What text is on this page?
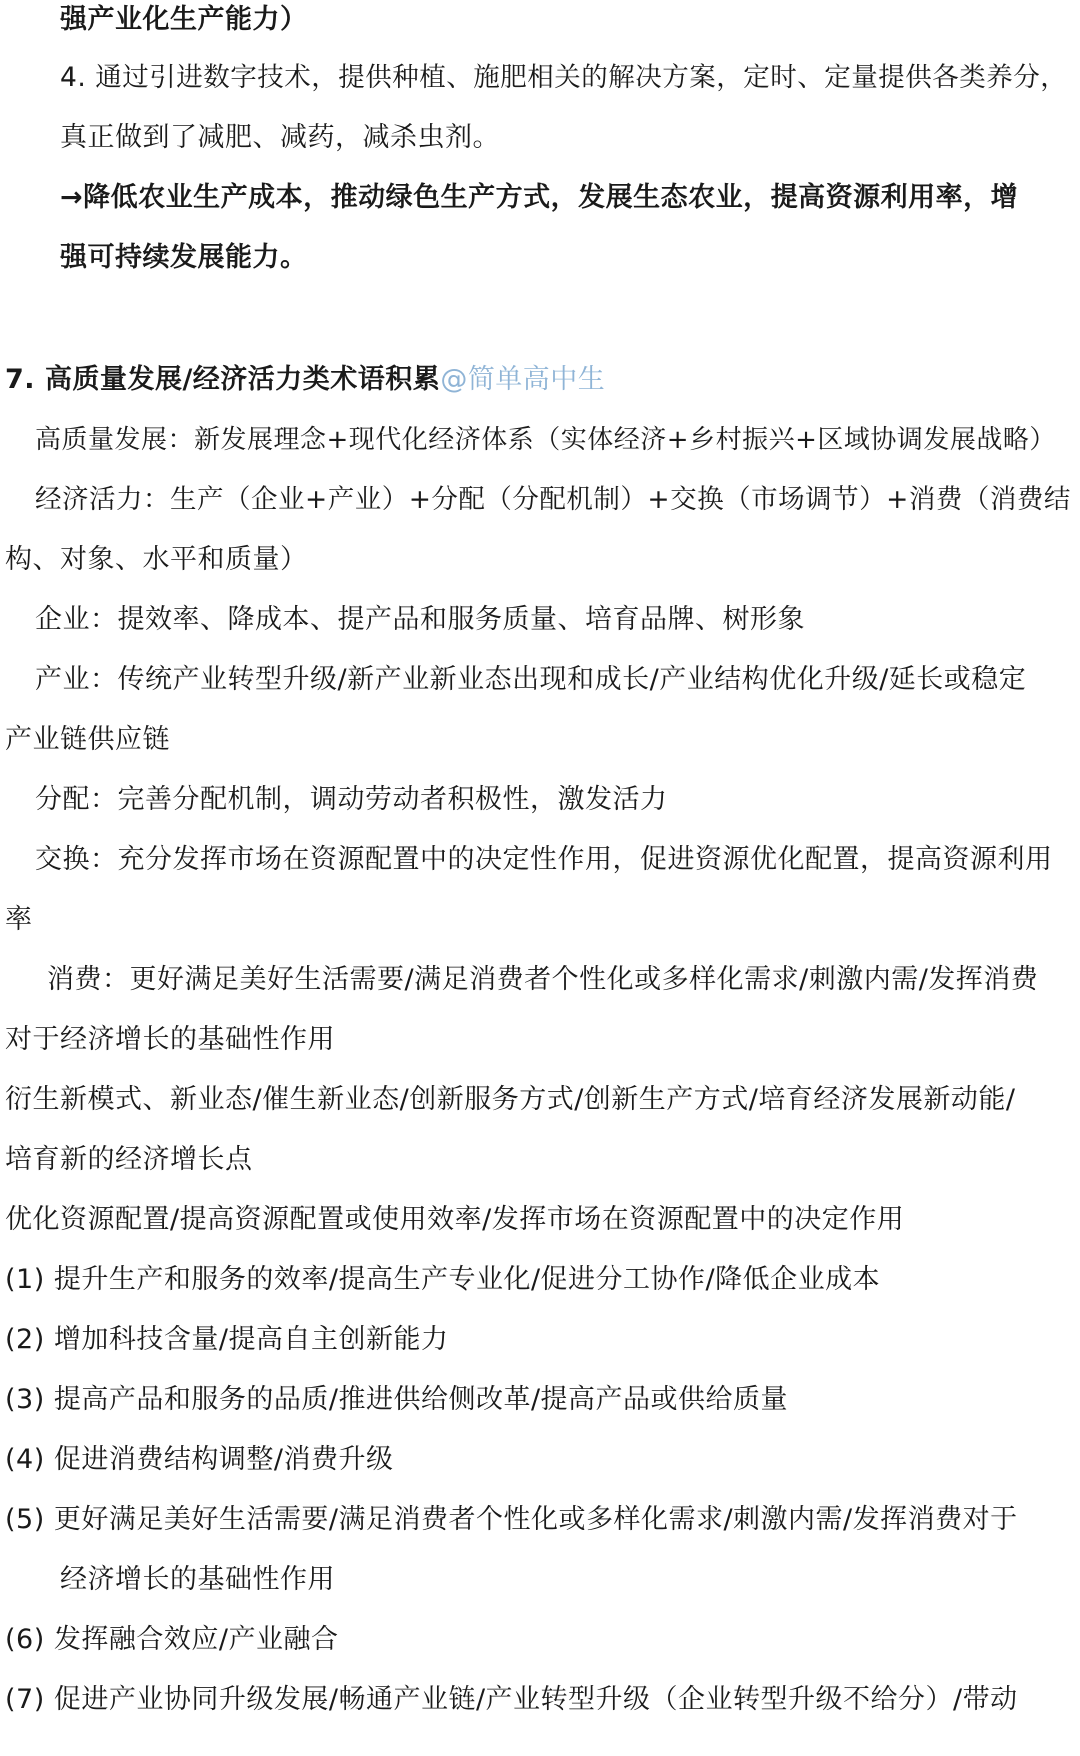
强产业化生产能力）
4. 通过引进数字技术，提供种植、施肥相关的解决方案，定时、定量提供各类养分，
真正做到了减肥、减药，减杀虫剂。
→降低农业生产成本，推动绿色生产方式，发展生态农业，提高资源利用率，增
强可持续发展能力。
7. 高质量发展/经济活力类术语积累@简单高中生
高质量发展：新发展理念+现代化经济体系（实体经济+乡村振兴+区域协调发展战略）
经济活力：生产（企业+产业）+分配（分配机制）+交换（市场调节）+消费（消费结
构、对象、水平和质量）
企业：提效率、降成本、提产品和服务质量、培育品牌、树形象
产业：传统产业转型升级/新产业新业态出现和成长/产业结构优化升级/延长或稳定
产业链供应链
分配：完善分配机制，调动劳动者积极性，激发活力
交换：充分发挥市场在资源配置中的决定性作用，促进资源优化配置，提高资源利用
率
消费：更好满足美好生活需要/满足消费者个性化或多样化需求/刺激内需/发挥消费
对于经济增长的基础性作用
衍生新模式、新业态/催生新业态/创新服务方式/创新生产方式/培育经济发展新动能/
培育新的经济增长点
优化资源配置/提高资源配置或使用效率/发挥市场在资源配置中的决定作用
(1) 提升生产和服务的效率/提高生产专业化/促进分工协作/降低企业成本
(2) 增加科技含量/提高自主创新能力
(3) 提高产品和服务的品质/推进供给侧改革/提高产品或供给质量
(4) 促进消费结构调整/消费升级
(5) 更好满足美好生活需要/满足消费者个性化或多样化需求/刺激内需/发挥消费对于
经济增长的基础性作用
(6) 发挥融合效应/产业融合
(7) 促进产业协同升级发展/畅通产业链/产业转型升级（企业转型升级不给分）/带动
